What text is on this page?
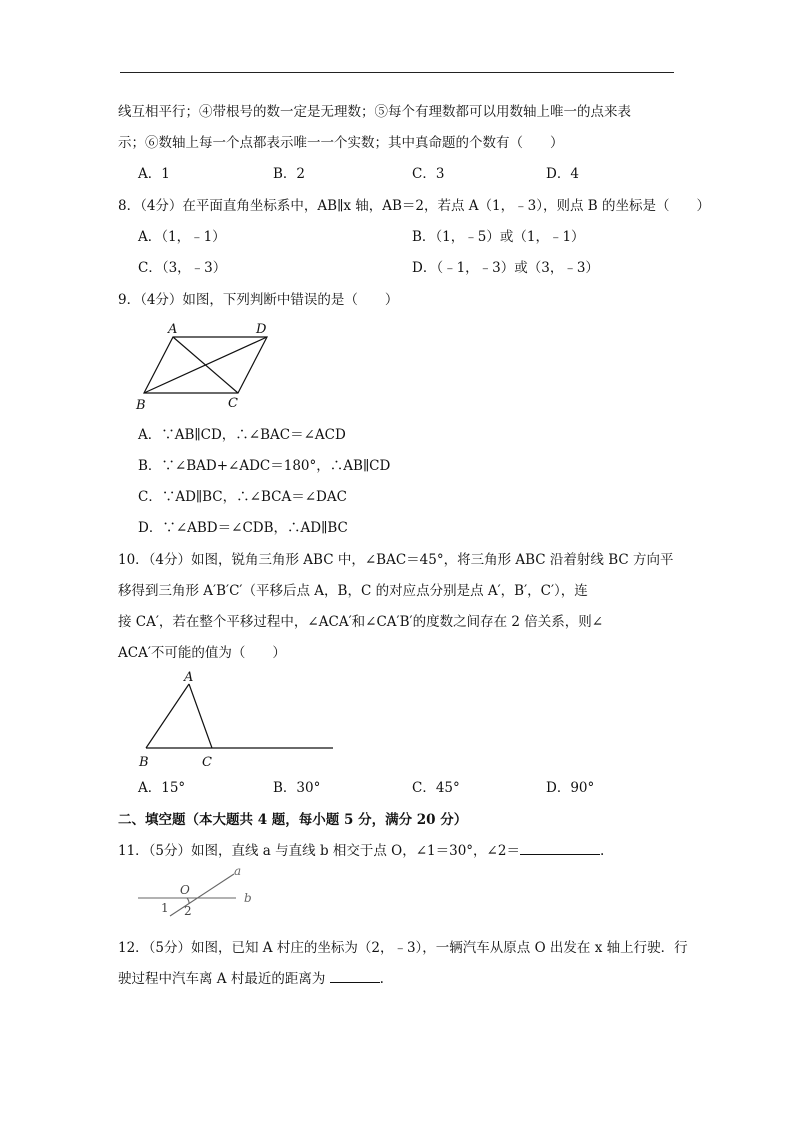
线互相平行；④带根号的数一定是无理数；⑤每个有理数都可以用数轴上唯一的点来表
示；⑥数轴上每一个点都表示唯一一个实数；其中真命题的个数有（　　）
A．1	B．2	C．3	D．4
8．（4分）在平面直角坐标系中，AB∥x 轴，AB＝2，若点 A（1，﹣3），则点 B 的坐标是（　　）
A．（1，﹣1）	B．（1，﹣5）或（1，﹣1）
C．（3，﹣3）	D．（﹣1，﹣3）或（3，﹣3）
9．（4分）如图，下列判断中错误的是（　　）
A	D
B	C
A．∵AB∥CD，∴∠BAC＝∠ACD
B．∵∠BAD+∠ADC＝180°，∴AB∥CD
C．∵AD∥BC，∴∠BCA＝∠DAC
D．∵∠ABD＝∠CDB，∴AD∥BC
10．（4分）如图，锐角三角形 ABC 中，∠BAC＝45°，将三角形 ABC 沿着射线 BC 方向平
移得到三角形 A′B′C′（平移后点 A，B，C 的对应点分别是点 A′，B′，C′），连
接 CA′，若在整个平移过程中，∠ACA′和∠CA′B′的度数之间存在 2 倍关系，则∠
ACA′不可能的值为（　　）
A
B	C
A．15°	B．30°	C．45°	D．90°
二、填空题（本大题共 4 题，每小题 5 分，满分 20 分）
11．（5分）如图，直线 a 与直线 b 相交于点 O，∠1＝30°，∠2＝	.
a
b
O
1 2
12．（5分）如图，已知 A 村庄的坐标为（2，﹣3），一辆汽车从原点 O 出发在 x 轴上行驶．行
驶过程中汽车离 A 村最近的距离为	.
